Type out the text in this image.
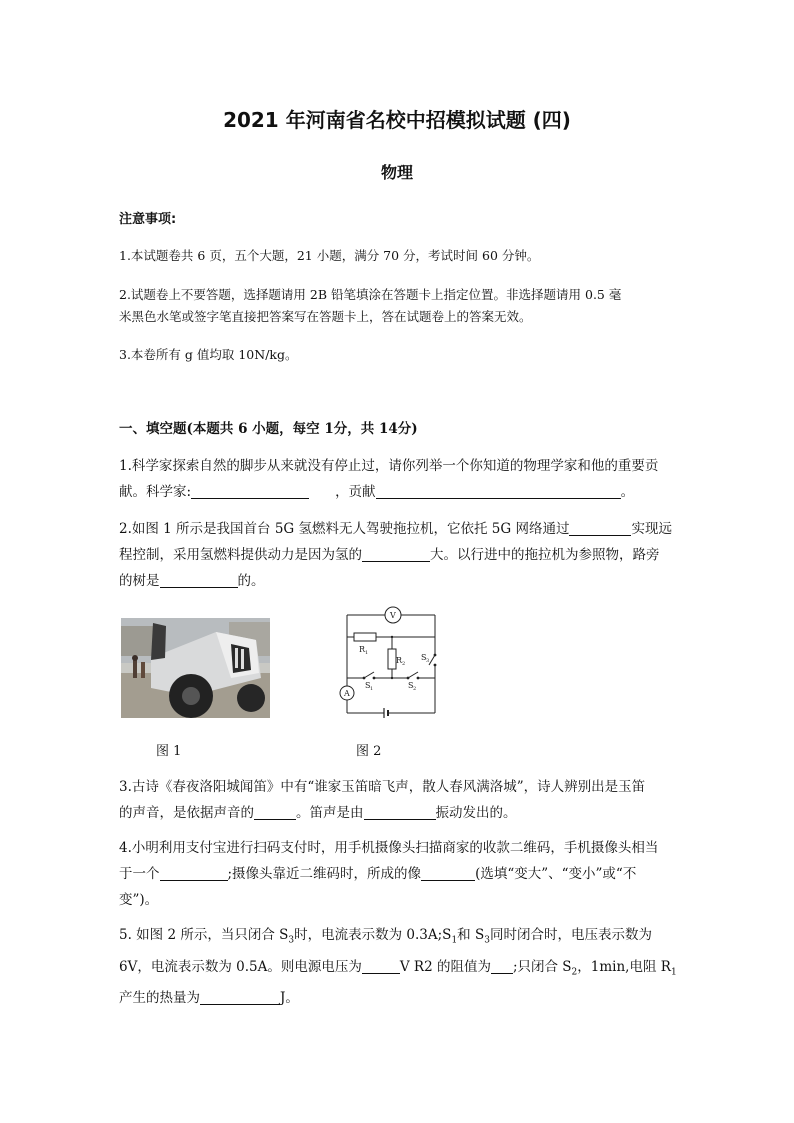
2021 年河南省名校中招模拟试题 (四)
物理

注意事项:

1.本试题卷共 6 页，五个大题，21 小题，满分 70 分，考试时间 60 分钟。

2.试题卷上不要答题，选择题请用 2B 铅笔填涂在答题卡上指定位置。非选择题请用 0.5 毫

米黑色水笔或签字笔直接把答案写在答题卡上，答在试题卷上的答案无效。

3.本卷所有 g 值均取 10N/kg。

一、填空题(本题共 6 小题，每空 1分，共 14分)

1.科学家探索自然的脚步从来就没有停止过，请你列举一个你知道的物理学家和他的重要贡
献。科学家:	，贡献	。
2.如图 1 所示是我国首台 5G 氢燃料无人驾驶拖拉机，它依托 5G 网络通过	实现远
程控制，采用氢燃料提供动力是因为氢的	大。以行进中的拖拉机为参照物，路旁
的树是	的。
V
A
R 1
R 2
S 1	S 2
S 3
图 1	图 2
3.古诗《春夜洛阳城闻笛》中有“谁家玉笛暗飞声，散人春风满洛城”，诗人辨别出是玉笛
的声音，是依据声音的	。笛声是由	振动发出的。
4.小明利用支付宝进行扫码支付时，用手机摄像头扫描商家的收款二维码，手机摄像头相当
于一个	;摄像头靠近二维码时，所成的像	(选填“变大”、“变小”或“不
变”)。
5. 如图 2 所示，当只闭合 $S_3$时，电流表示数为 $0.3A;S_1$和 $S_3$同时闭合时，电压表示数为
6V，电流表示数为 0.5A。则电源电压为	V R2 的阻值为 ;只闭合 $S_2$，1min,电阻 $R_1$
产生的热量为	J。
